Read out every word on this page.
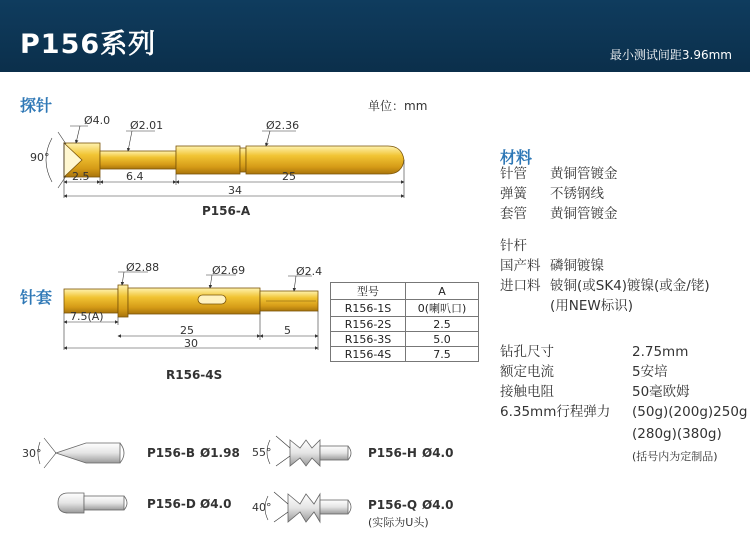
P156系列	最小测试间距3.96mm
探针	单位：mm
90°
Ø4.0 Ø2.01	Ø2.36
2.5	6.4	25
34
P156-A
针套
Ø2.88	Ø2.69	Ø2.4
7.5(A)
25	5
30
R156-4S
型号	A
R156-1S	0(喇叭口)
R156-2S	2.5
R156-3S	5.0
R156-4S	7.5
30°	P156-B Ø1.98 55°	P156-H Ø4.0
P156-D Ø4.0 40°	P156-Q Ø4.0
(实际为U头)
材料
针管 黄铜管镀金
弹簧 不锈钢线
套管 黄铜管镀金
针杆
国产料 磷铜镀镍
进口料 铍铜(或SK4)镀镍(或金/铑)
(用NEW标识)
钻孔尺寸	2.75mm
额定电流	5安培
接触电阻	50毫欧姆
6.35mm行程弹力 (50g)(200g)250g
(280g)(380g)
(括号内为定制品)
